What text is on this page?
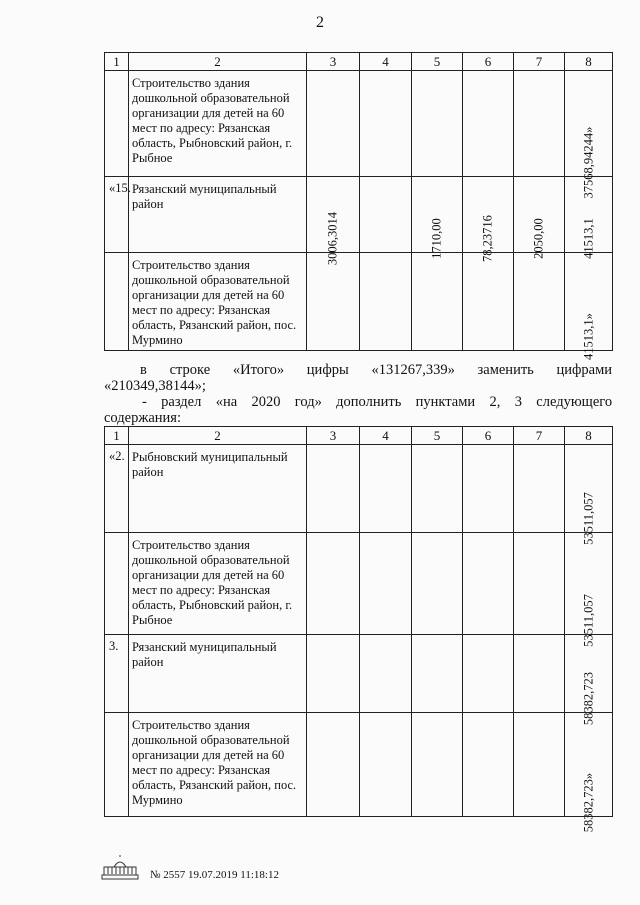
2
1	2	3	4	5	6	7	8
	Строительство здания дошкольной образовательной организации для детей на 60 мест по адресу: Рязанская область, Рыбновский район, г. Рыбное						37568,94244»

«15.	Рязанский муниципальный район	3006,3014		1710,00	78,23716	2050,00	41513,1

	Строительство здания дошкольной образовательной организации для детей на 60 мест по адресу: Рязанская область, Рязанский район, пос. Мурмино						41513,1»
в строке «Итого» цифры «131267,339» заменить цифрами
«210349,38144»;
- раздел «на 2020 год» дополнить пунктами 2, 3 следующего
содержания:
1	2	3	4	5	6	7	8
«2.	Рыбновский муниципальный район						53511,057

	Строительство здания дошкольной образовательной организации для детей на 60 мест по адресу: Рязанская область, Рыбновский район, г. Рыбное						53511,057

3.	Рязанский муниципальный район						58382,723

	Строительство здания дошкольной образовательной организации для детей на 60 мест по адресу: Рязанская область, Рязанский район, пос. Мурмино						58382,723»
№ 2557 19.07.2019 11:18:12
